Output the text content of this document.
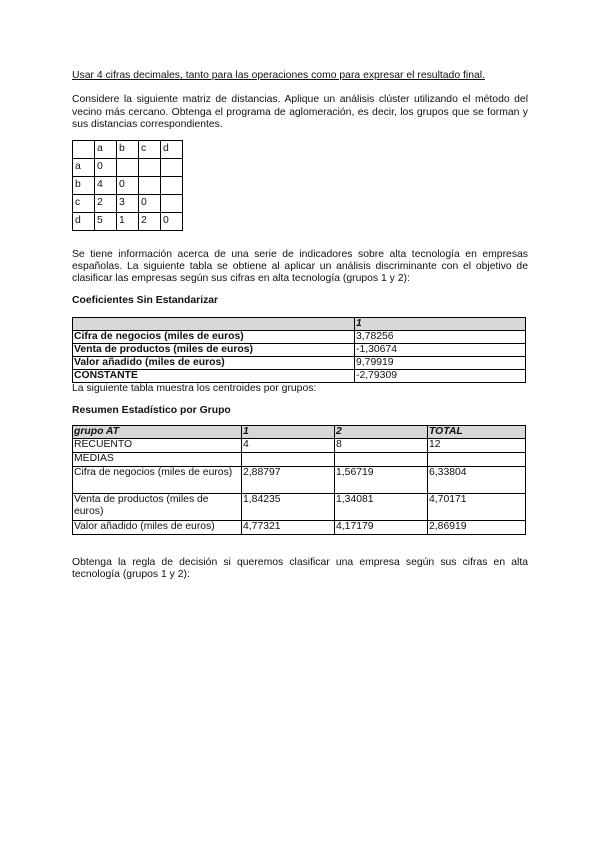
Usar 4 cifras decimales, tanto para las operaciones como para expresar el resultado final.

Considere la siguiente matriz de distancias. Aplique un análisis clúster utilizando el método del vecino más cercano. Obtenga el programa de aglomeración, es decir, los grupos que se forman y sus distancias correspondientes.

	a	b	c	d
a	0			
b	4	0		
c	2	3	0	
d	5	1	2	0

Se tiene información acerca de una serie de indicadores sobre alta tecnología en empresas españolas. La siguiente tabla se obtiene al aplicar un análisis discriminante con el objetivo de clasificar las empresas según sus cifras en alta tecnología (grupos 1 y 2):

Coeficientes Sin Estandarizar

	1
Cifra de negocios (miles de euros)	3,78256
Venta de productos (miles de euros)	-1,30674
Valor añadido (miles de euros)	9,79919
CONSTANTE	-2,79309

La siguiente tabla muestra los centroides por grupos:

Resumen Estadístico por Grupo

grupo AT	1	2	TOTAL
RECUENTO	4	8	12
MEDIAS			
Cifra de negocios (miles de euros)	2,88797	1,56719	6,33804
Venta de productos (miles de euros)	1,84235	1,34081	4,70171
Valor añadido (miles de euros)	4,77321	4,17179	2,86919

Obtenga la regla de decisión si queremos clasificar una empresa según sus cifras en alta tecnología (grupos 1 y 2):
